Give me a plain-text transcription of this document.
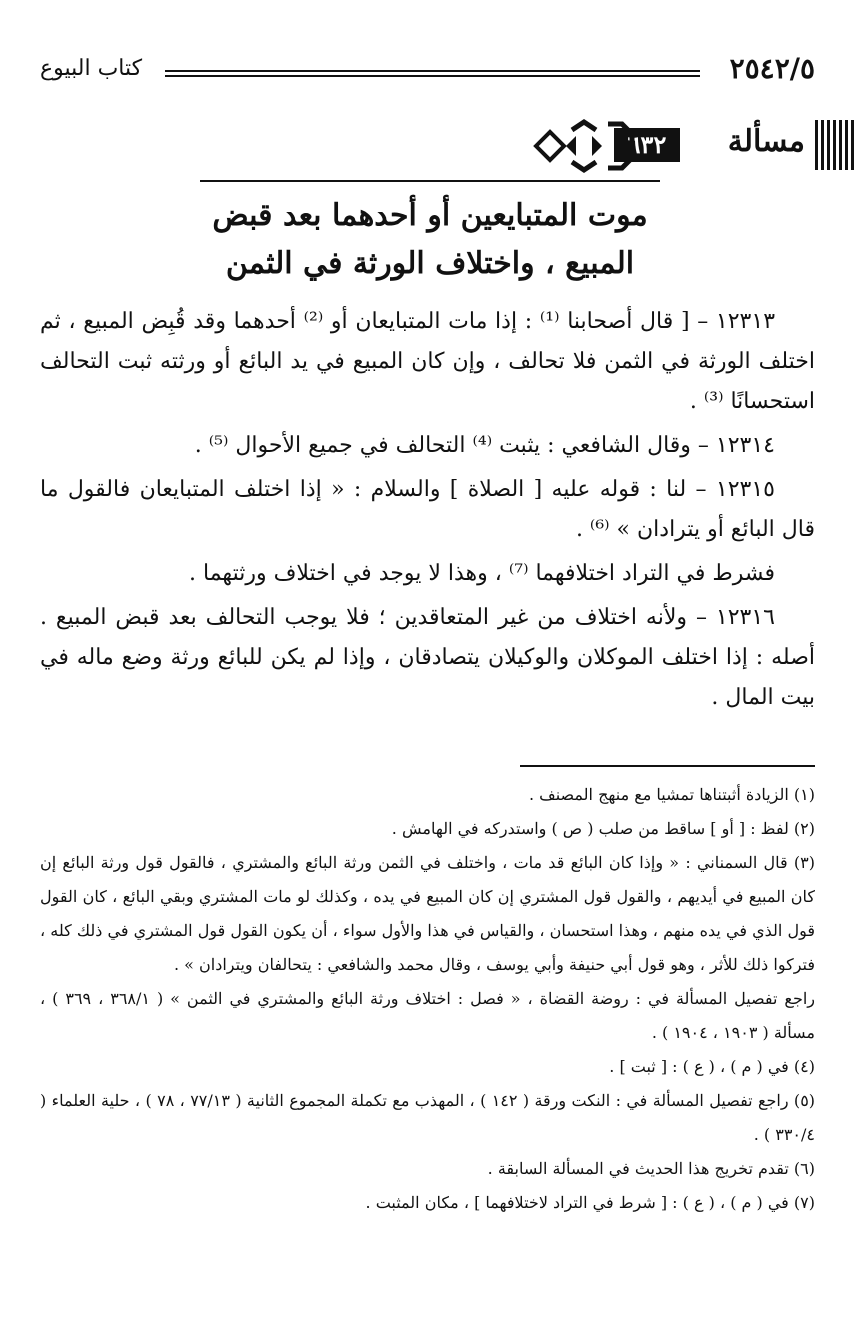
٢٥٤٢/٥
كتاب البيوع
مسألة
٦٣٢
موت المتبايعين أو أحدهما بعد قبض
المبيع ، واختلاف الورثة في الثمن

١٢٣١٣ – [ قال أصحابنا ⁽¹⁾ : إذا مات المتبايعان أو ⁽²⁾ أحدهما وقد قُبِض المبيع ، ثم اختلف الورثة في الثمن فلا تحالف ، وإن كان المبيع في يد البائع أو ورثته ثبت التحالف استحسانًا ⁽³⁾ .

١٢٣١٤ – وقال الشافعي : يثبت ⁽⁴⁾ التحالف في جميع الأحوال ⁽⁵⁾ .

١٢٣١٥ – لنا : قوله عليه [ الصلاة ] والسلام : « إذا اختلف المتبايعان فالقول ما قال البائع أو يترادان » ⁽⁶⁾ .

فشرط في التراد اختلافهما ⁽⁷⁾ ، وهذا لا يوجد في اختلاف ورثتهما .

١٢٣١٦ – ولأنه اختلاف من غير المتعاقدين ؛ فلا يوجب التحالف بعد قبض المبيع . أصله : إذا اختلف الموكلان والوكيلان يتصادقان ، وإذا لم يكن للبائع ورثة وضع ماله في بيت المال .

(١) الزيادة أثبتناها تمشيا مع منهج المصنف .

(٢) لفظ : [ أو ] ساقط من صلب ( ص ) واستدركه في الهامش .

(٣) قال السمناني : « وإذا كان البائع قد مات ، واختلف في الثمن ورثة البائع والمشتري ، فالقول قول ورثة البائع إن كان المبيع في أيديهم ، والقول قول المشتري إن كان المبيع في يده ، وكذلك لو مات المشتري وبقي البائع ، كان القول قول الذي في يده منهم ، وهذا استحسان ، والقياس في هذا والأول سواء ، أن يكون القول قول المشتري في ذلك كله ، فتركوا ذلك للأثر ، وهو قول أبي حنيفة وأبي يوسف ، وقال محمد والشافعي : يتحالفان ويترادان » .

راجع تفصيل المسألة في : روضة القضاة ، « فصل : اختلاف ورثة البائع والمشتري في الثمن » ( ٣٦٨/١ ، ٣٦٩ ) ، مسألة ( ١٩٠٣ ، ١٩٠٤ ) .

(٤) في ( م ) ، ( ع ) : [ ثبت ] .

(٥) راجع تفصيل المسألة في : النكت ورقة ( ١٤٢ ) ، المهذب مع تكملة المجموع الثانية ( ٧٧/١٣ ، ٧٨ ) ، حلية العلماء ( ٣٣٠/٤ ) .

(٦) تقدم تخريج هذا الحديث في المسألة السابقة .

(٧) في ( م ) ، ( ع ) : [ شرط في التراد لاختلافهما ] ، مكان المثبت .
